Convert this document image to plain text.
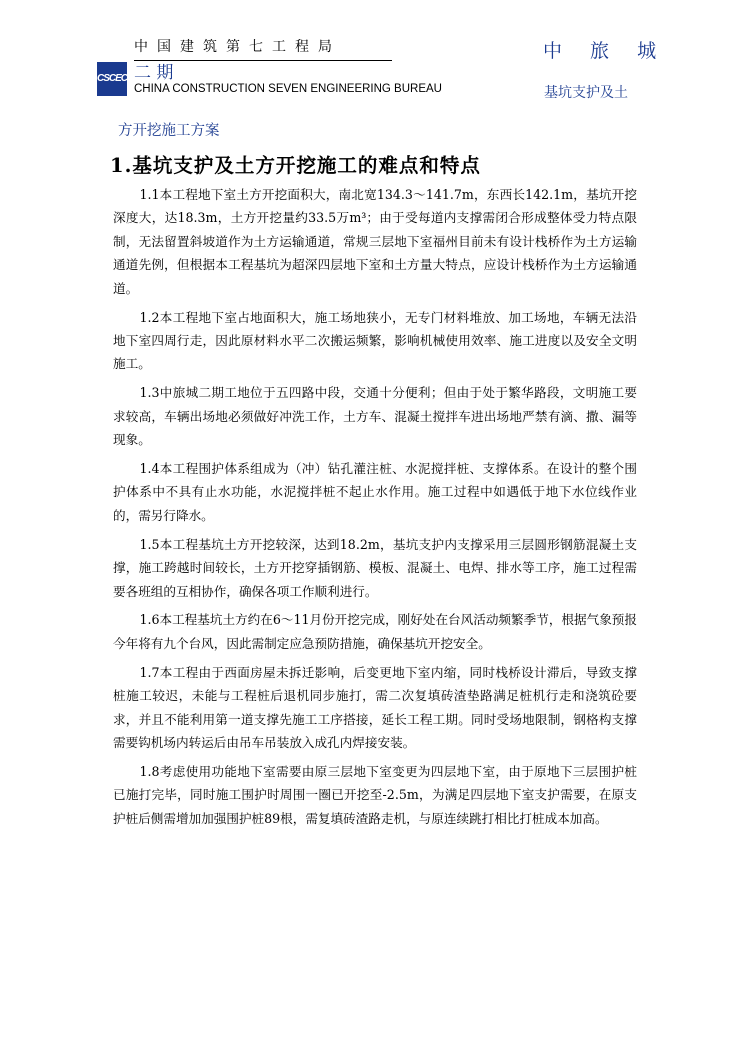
CSCEC
中国建筑第七工程局
二 期
CHINA CONSTRUCTION SEVEN ENGINEERING BUREAU
中 旅 城
基坑支护及土
方开挖施工方案
1.基坑支护及土方开挖施工的难点和特点

1.1本工程地下室土方开挖面积大，南北宽134.3～141.7m，东西长142.1m，基坑开挖深度大，达18.3m，土方开挖量约33.5万m³；由于受每道内支撑需闭合形成整体受力特点限制，无法留置斜坡道作为土方运输通道，常规三层地下室福州目前未有设计栈桥作为土方运输通道先例，但根据本工程基坑为超深四层地下室和土方量大特点，应设计栈桥作为土方运输通道。

1.2本工程地下室占地面积大，施工场地狭小，无专门材料堆放、加工场地，车辆无法沿地下室四周行走，因此原材料水平二次搬运频繁，影响机械使用效率、施工进度以及安全文明施工。

1.3中旅城二期工地位于五四路中段，交通十分便利；但由于处于繁华路段，文明施工要求较高，车辆出场地必须做好冲洗工作，土方车、混凝土搅拌车进出场地严禁有滴、撒、漏等现象。

1.4本工程围护体系组成为（冲）钻孔灌注桩、水泥搅拌桩、支撑体系。在设计的整个围护体系中不具有止水功能，水泥搅拌桩不起止水作用。施工过程中如遇低于地下水位线作业的，需另行降水。

1.5本工程基坑土方开挖较深，达到18.2m，基坑支护内支撑采用三层圆形钢筋混凝土支撑，施工跨越时间较长，土方开挖穿插钢筋、模板、混凝土、电焊、排水等工序，施工过程需要各班组的互相协作，确保各项工作顺利进行。

1.6本工程基坑土方约在6～11月份开挖完成，刚好处在台风活动频繁季节，根据气象预报今年将有九个台风，因此需制定应急预防措施，确保基坑开挖安全。

1.7本工程由于西面房屋未拆迁影响，后变更地下室内缩，同时栈桥设计滞后，导致支撑桩施工较迟，未能与工程桩后退机同步施打，需二次复填砖渣垫路满足桩机行走和浇筑砼要求，并且不能利用第一道支撑先施工工序搭接，延长工程工期。同时受场地限制，钢格构支撑需要钩机场内转运后由吊车吊装放入成孔内焊接安装。

1.8考虑使用功能地下室需要由原三层地下室变更为四层地下室，由于原地下三层围护桩已施打完毕，同时施工围护时周围一圈已开挖至-2.5m，为满足四层地下室支护需要，在原支护桩后侧需增加加强围护桩89根，需复填砖渣路走机，与原连续跳打相比打桩成本加高。
